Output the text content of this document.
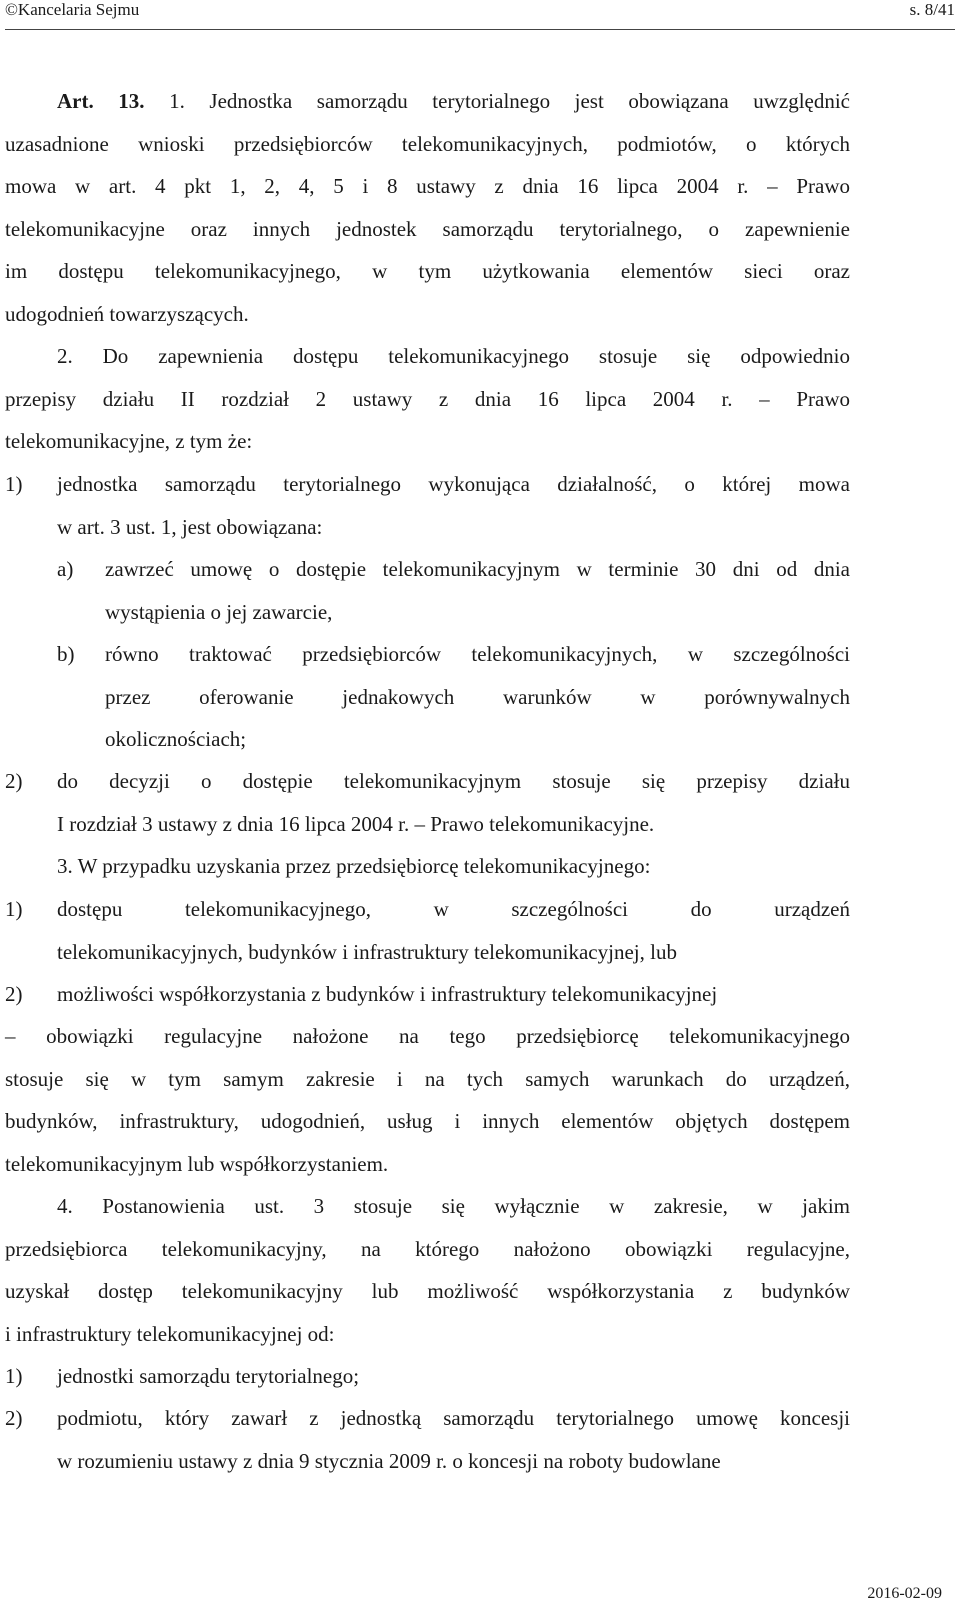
©Kancelaria Sejmu	s. 8/41
Art. 13. 1. Jednostka samorządu terytorialnego jest obowiązana uwzględnić
uzasadnione wnioski przedsiębiorców telekomunikacyjnych, podmiotów, o których
mowa w art. 4 pkt 1, 2, 4, 5 i 8 ustawy z dnia 16 lipca 2004 r. – Prawo
telekomunikacyjne oraz innych jednostek samorządu terytorialnego, o zapewnienie
im dostępu telekomunikacyjnego, w tym użytkowania elementów sieci oraz
udogodnień towarzyszących.
2. Do zapewnienia dostępu telekomunikacyjnego stosuje się odpowiednio
przepisy działu II rozdział 2 ustawy z dnia 16 lipca 2004 r. – Prawo
telekomunikacyjne, z tym że:
1) jednostka samorządu terytorialnego wykonująca działalność, o której mowa
w art. 3 ust. 1, jest obowiązana:
a) zawrzeć umowę o dostępie telekomunikacyjnym w terminie 30 dni od dnia
wystąpienia o jej zawarcie,
b) równo traktować przedsiębiorców telekomunikacyjnych, w szczególności
przez oferowanie jednakowych warunków w porównywalnych
okolicznościach;
2) do decyzji o dostępie telekomunikacyjnym stosuje się przepisy działu
I rozdział 3 ustawy z dnia 16 lipca 2004 r. – Prawo telekomunikacyjne.
3. W przypadku uzyskania przez przedsiębiorcę telekomunikacyjnego:
1) dostępu telekomunikacyjnego, w szczególności do urządzeń
telekomunikacyjnych, budynków i infrastruktury telekomunikacyjnej, lub
2) możliwości współkorzystania z budynków i infrastruktury telekomunikacyjnej
– obowiązki regulacyjne nałożone na tego przedsiębiorcę telekomunikacyjnego
stosuje się w tym samym zakresie i na tych samych warunkach do urządzeń,
budynków, infrastruktury, udogodnień, usług i innych elementów objętych dostępem
telekomunikacyjnym lub współkorzystaniem.
4. Postanowienia ust. 3 stosuje się wyłącznie w zakresie, w jakim
przedsiębiorca telekomunikacyjny, na którego nałożono obowiązki regulacyjne,
uzyskał dostęp telekomunikacyjny lub możliwość współkorzystania z budynków
i infrastruktury telekomunikacyjnej od:
1) jednostki samorządu terytorialnego;
2) podmiotu, który zawarł z jednostką samorządu terytorialnego umowę koncesji
w rozumieniu ustawy z dnia 9 stycznia 2009 r. o koncesji na roboty budowlane
2016-02-09
